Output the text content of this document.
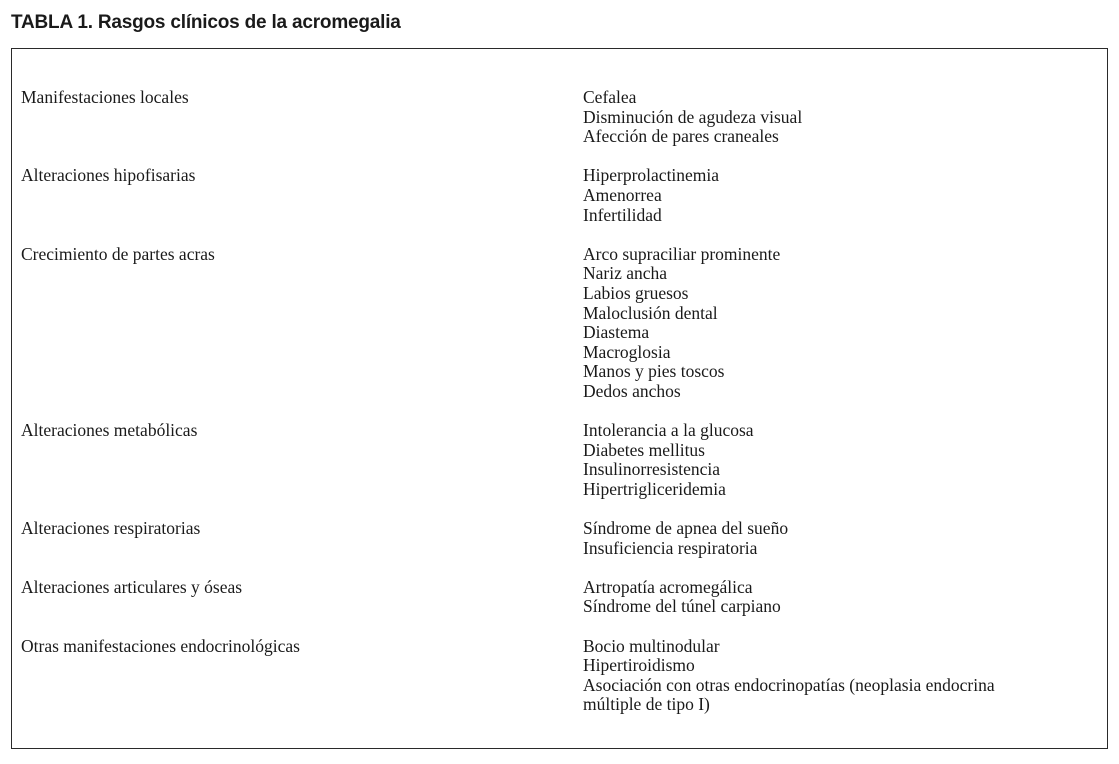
TABLA 1. Rasgos clínicos de la acromegalia
Manifestaciones locales	Cefalea
Disminución de agudeza visual
Afección de pares craneales
Alteraciones hipofisarias	Hiperprolactinemia
Amenorrea
Infertilidad
Crecimiento de partes acras	Arco supraciliar prominente
Nariz ancha
Labios gruesos
Maloclusión dental
Diastema
Macroglosia
Manos y pies toscos
Dedos anchos
Alteraciones metabólicas	Intolerancia a la glucosa
Diabetes mellitus
Insulinorresistencia
Hipertrigliceridemia
Alteraciones respiratorias	Síndrome de apnea del sueño
Insuficiencia respiratoria
Alteraciones articulares y óseas	Artropatía acromegálica
Síndrome del túnel carpiano
Otras manifestaciones endocrinológicas	Bocio multinodular
Hipertiroidismo
Asociación con otras endocrinopatías (neoplasia endocrina
múltiple de tipo I)
